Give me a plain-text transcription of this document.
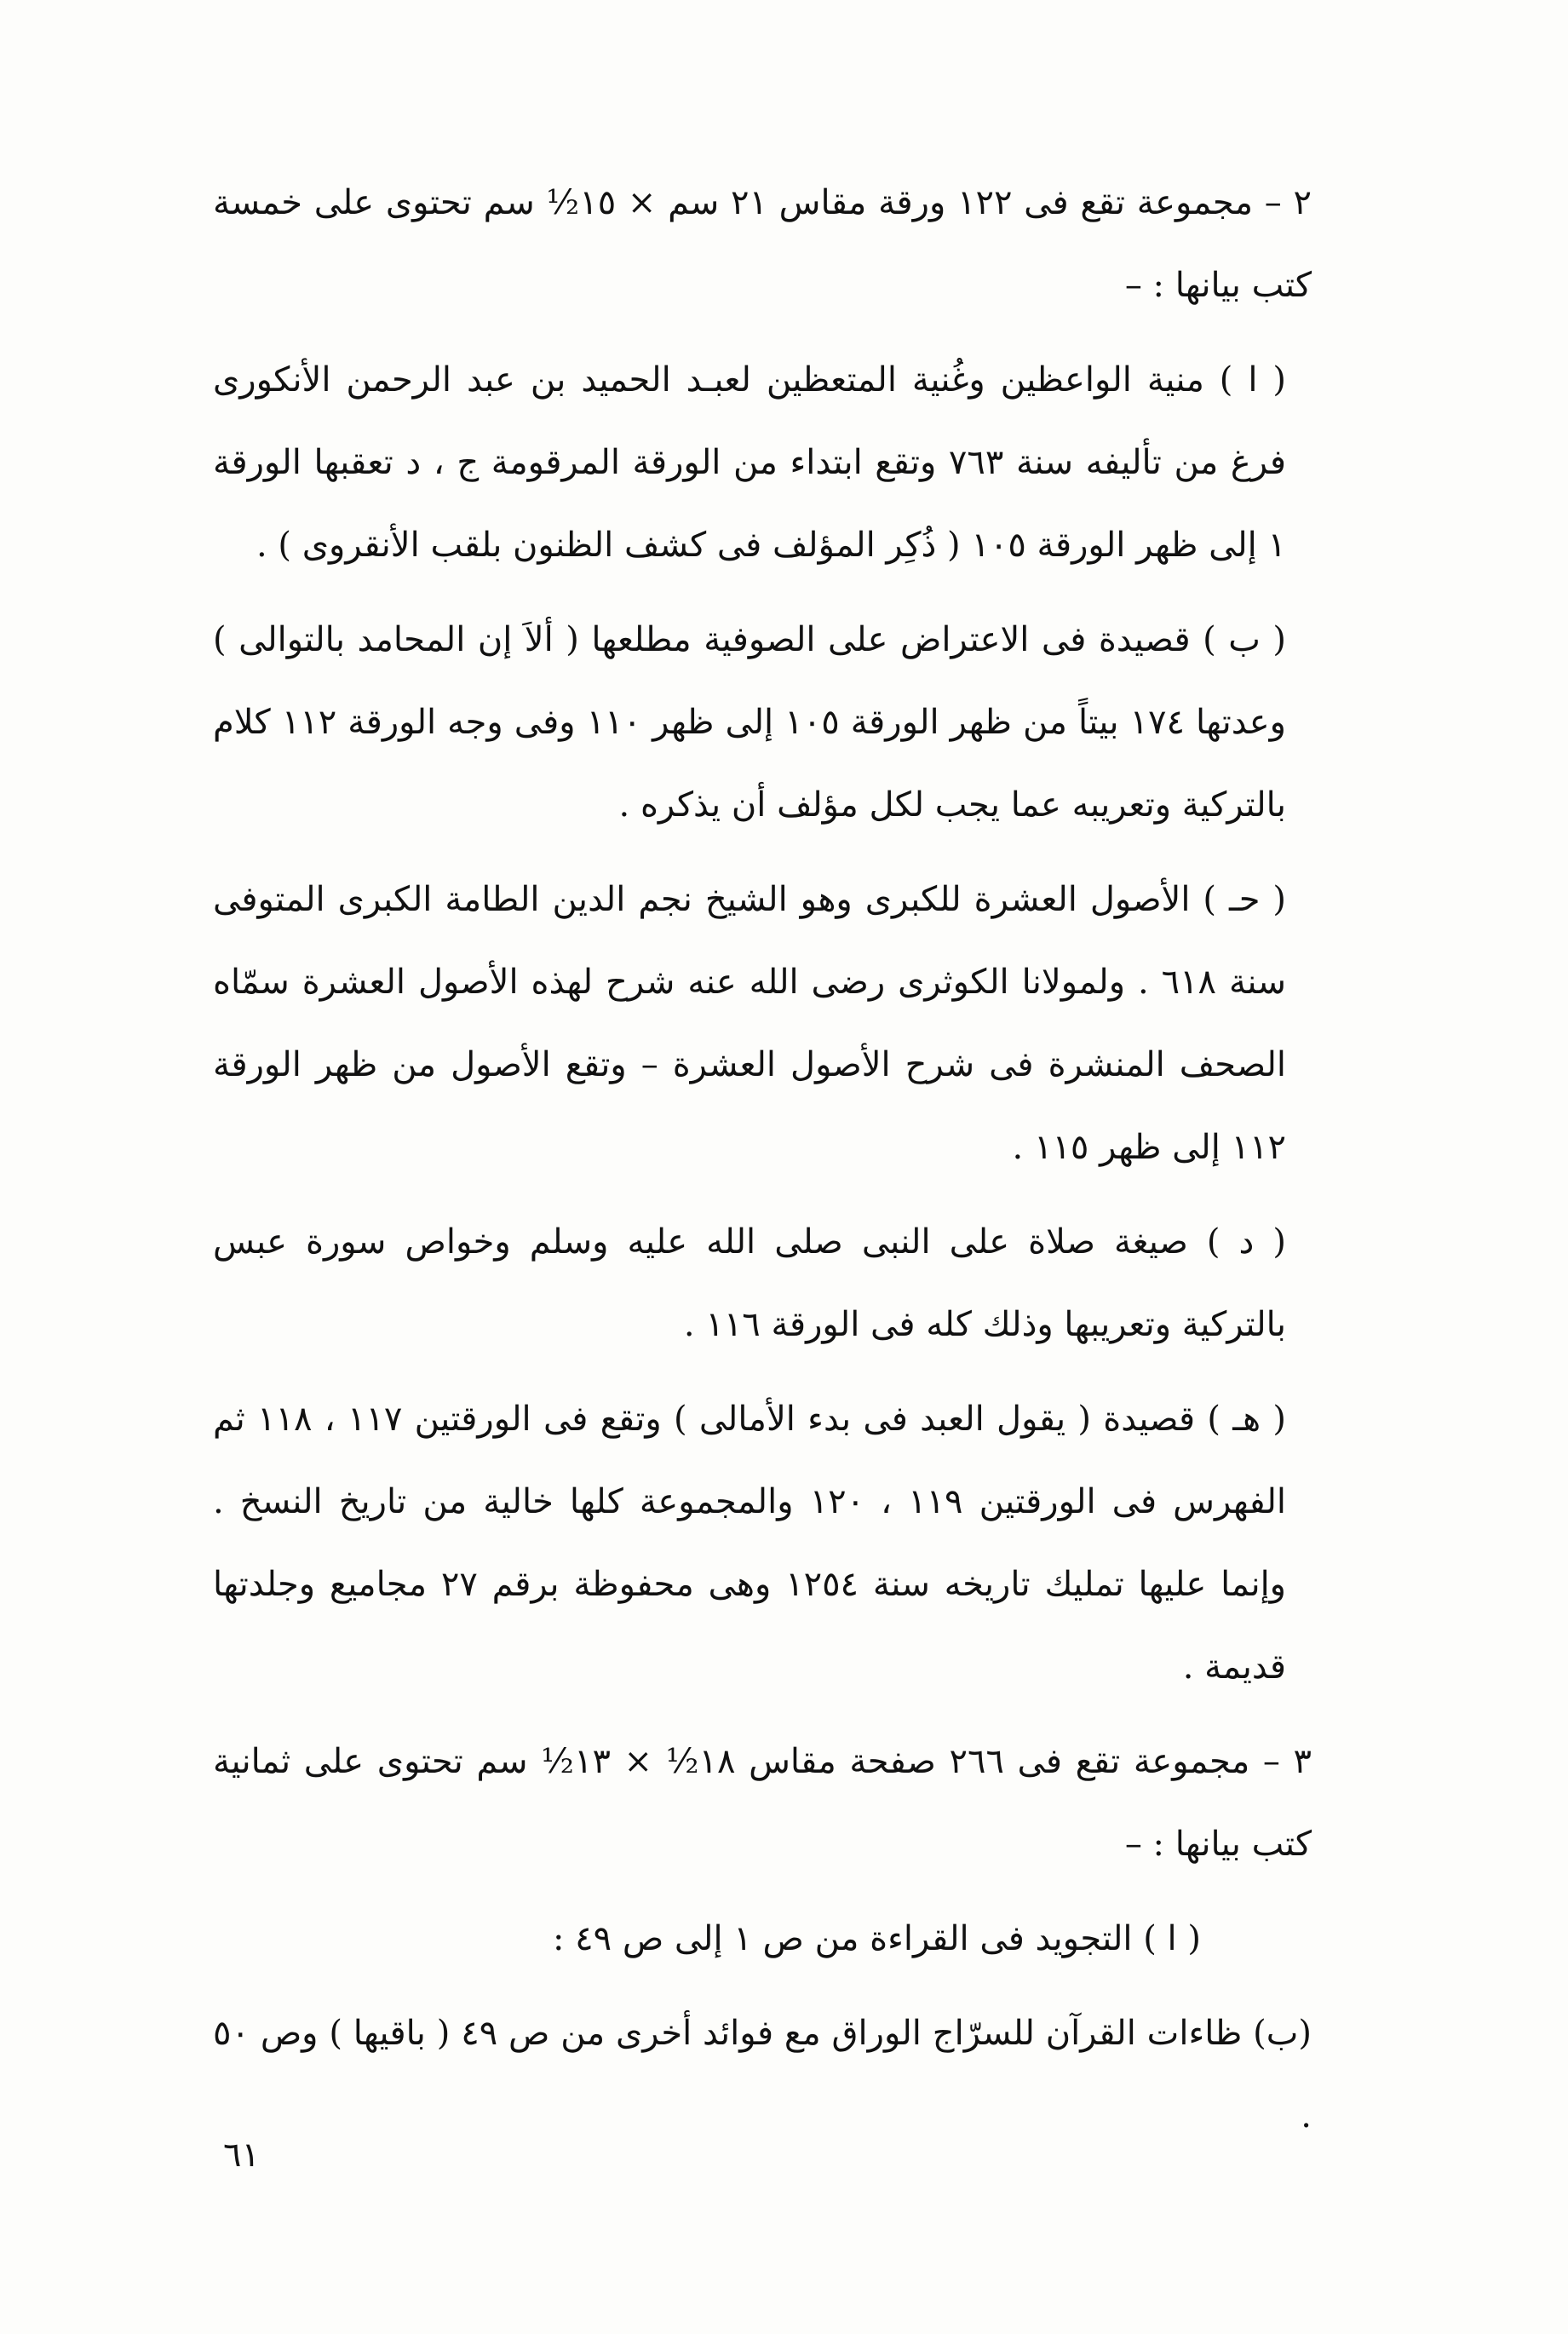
٢ – مجموعة تقع فى ١٢٢ ورقة مقاس ٢١ سم × ١٥½ سم تحتوى على خمسة كتب بيانها : –

( ا ) منية الواعظين وغُنية المتعظين لعبـد الحميد بن عبد الرحمن الأنكورى فرغ من تأليفه سنة ٧٦٣ وتقع ابتداء من الورقة المرقومة ج ، د تعقبها الورقة ١ إلى ظهر الورقة ١٠٥ ( ذُكِر المؤلف فى كشف الظنون بلقب الأنقروى ) .

( ب ) قصيدة فى الاعتراض على الصوفية مطلعها ( ألاَ إن المحامد بالتوالى ) وعدتها ١٧٤ بيتاً من ظهر الورقة ١٠٥ إلى ظهر ١١٠ وفى وجه الورقة ١١٢ كلام بالتركية وتعريبه عما يجب لكل مؤلف أن يذكره .

( حـ ) الأصول العشرة للكبرى وهو الشيخ نجم الدين الطامة الكبرى المتوفى سنة ٦١٨ . ولمولانا الكوثرى رضى الله عنه شرح لهذه الأصول العشرة سمّاه الصحف المنشرة فى شرح الأصول العشرة – وتقع الأصول من ظهر الورقة ١١٢ إلى ظهر ١١٥ .

( د ) صيغة صلاة على النبى صلى الله عليه وسلم وخواص سورة عبس بالتركية وتعريبها وذلك كله فى الورقة ١١٦ .

( هـ ) قصيدة ( يقول العبد فى بدء الأمالى ) وتقع فى الورقتين ١١٧ ، ١١٨ ثم الفهرس فى الورقتين ١١٩ ، ١٢٠ والمجموعة كلها خالية من تاريخ النسخ . وإنما عليها تمليك تاريخه سنة ١٢٥٤ وهى محفوظة برقم ٢٧ مجاميع وجلدتها قديمة .

٣ – مجموعة تقع فى ٢٦٦ صفحة مقاس ١٨½ × ١٣½ سم تحتوى على ثمانية كتب بيانها : –

( ا ) التجويد فى القراءة من ص ١ إلى ص ٤٩ :

(ب) ظاءات القرآن للسرّاج الوراق مع فوائد أخرى من ص ٤٩ ( باقيها ) وص ٥٠ .

٦١
